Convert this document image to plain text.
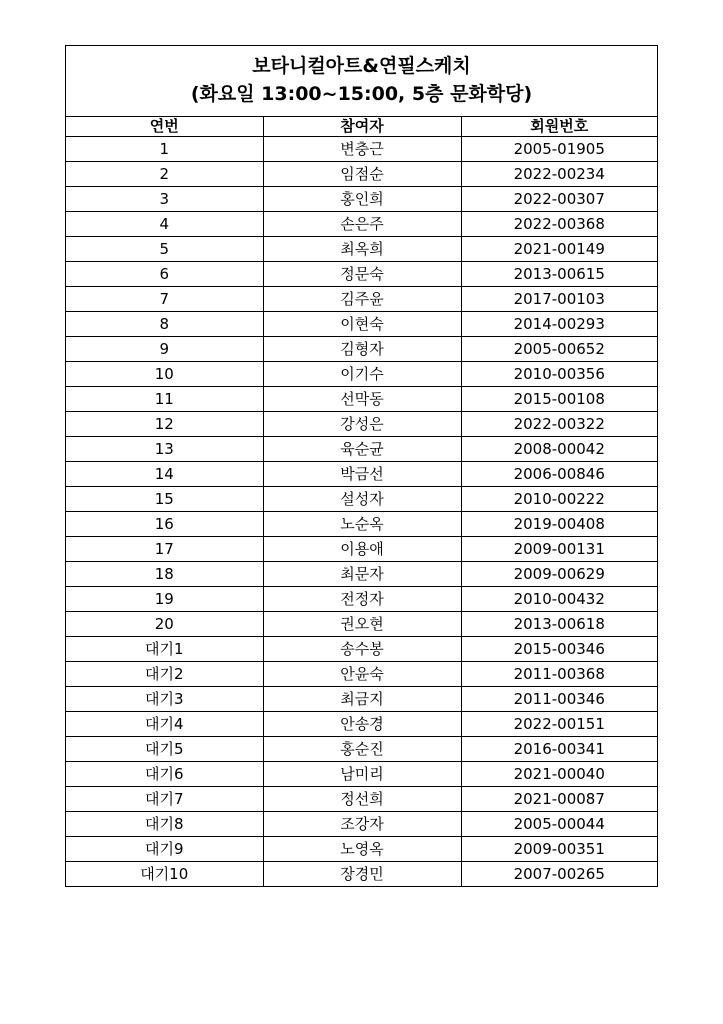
보타니컬아트&연필스케치
(화요일 13:00~15:00, 5층 문화학당)
연번	참여자	회원번호
1	변충근	2005-01905
2	임점순	2022-00234
3	홍인희	2022-00307
4	손은주	2022-00368
5	최옥희	2021-00149
6	정문숙	2013-00615
7	김주윤	2017-00103
8	이현숙	2014-00293
9	김형자	2005-00652
10	이기수	2010-00356
11	선막동	2015-00108
12	강성은	2022-00322
13	육순균	2008-00042
14	박금선	2006-00846
15	설성자	2010-00222
16	노순옥	2019-00408
17	이용애	2009-00131
18	최문자	2009-00629
19	전정자	2010-00432
20	권오현	2013-00618
대기1	송수봉	2015-00346
대기2	안윤숙	2011-00368
대기3	최금지	2011-00346
대기4	안송경	2022-00151
대기5	홍순진	2016-00341
대기6	남미리	2021-00040
대기7	정선희	2021-00087
대기8	조강자	2005-00044
대기9	노영옥	2009-00351
대기10	장경민	2007-00265
